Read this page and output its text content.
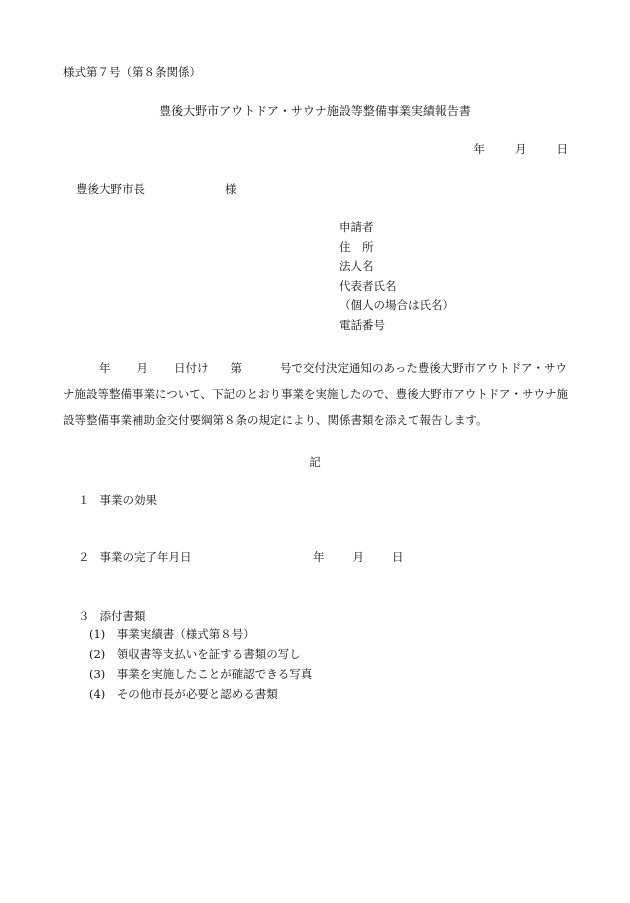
様式第７号（第８条関係）
豊後大野市アウトドア・サウナ施設等整備事業実績報告書
年	月	日
豊後大野市長	様
申請者
住　所
法人名
代表者氏名
（個人の場合は氏名）
電話番号
年 月 日付け 第	号で交付決定通知のあった豊後大野市アウトドア・サウナ施設等整備事業について、下記のとおり事業を実施したので、豊後大野市アウトドア・サウナ施設等整備事業補助金交付要綱第８条の規定により、関係書類を添えて報告します。
記
１ 事業の効果
２ 事業の完了年月日	年 月 日
３ 添付書類
(1)　事業実績書（様式第８号）
(2)　領収書等支払いを証する書類の写し
(3)　事業を実施したことが確認できる写真
(4)　その他市長が必要と認める書類
